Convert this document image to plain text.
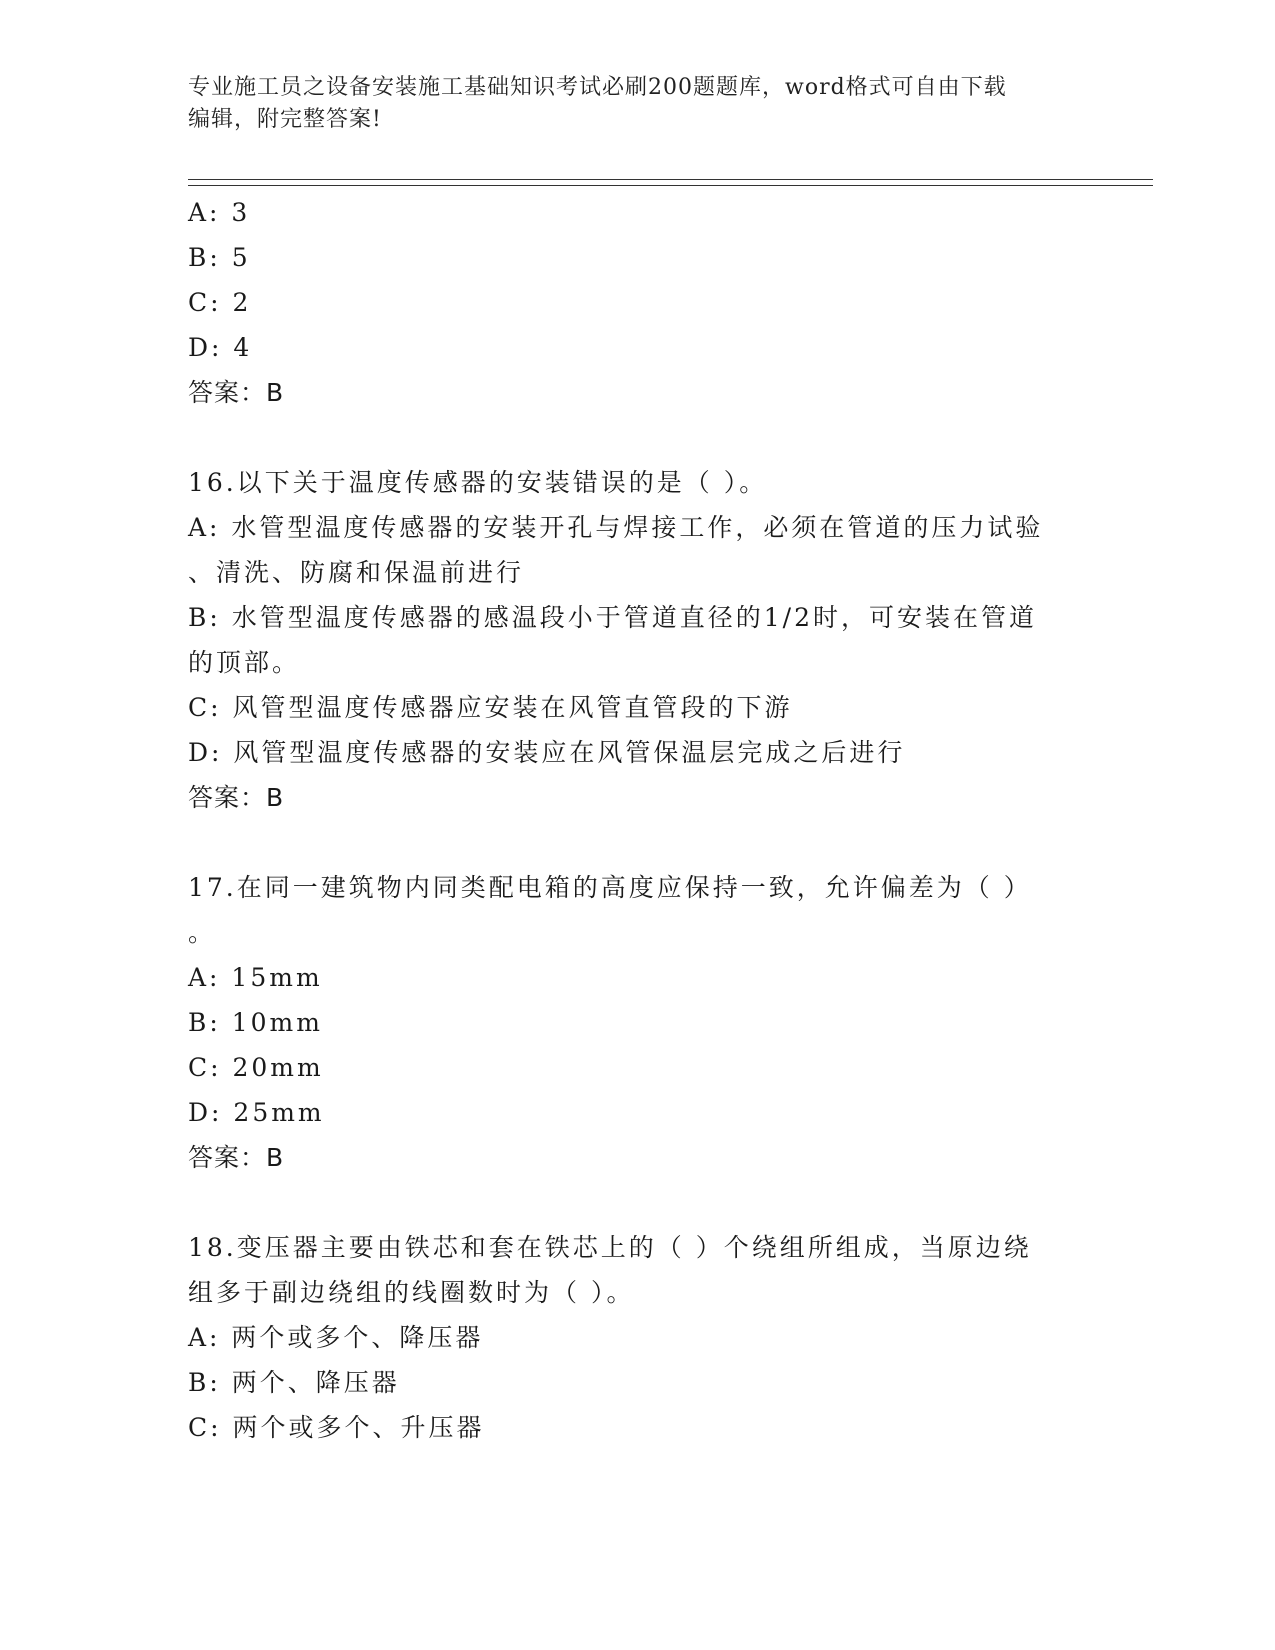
专业施工员之设备安装施工基础知识考试必刷200题题库，word格式可自由下载
编辑，附完整答案!
A: 3
B: 5
C: 2
D: 4
答案：B
16.以下关于温度传感器的安装错误的是（ ）。
A: 水管型温度传感器的安装开孔与焊接工作，必须在管道的压力试验
、清洗、防腐和保温前进行
B: 水管型温度传感器的感温段小于管道直径的1/2时，可安装在管道
的顶部。
C: 风管型温度传感器应安装在风管直管段的下游
D: 风管型温度传感器的安装应在风管保温层完成之后进行
答案：B
17.在同一建筑物内同类配电箱的高度应保持一致，允许偏差为（ ）
。
A: 15mm
B: 10mm
C: 20mm
D: 25mm
答案：B
18.变压器主要由铁芯和套在铁芯上的（ ）个绕组所组成，当原边绕
组多于副边绕组的线圈数时为（ ）。
A: 两个或多个、降压器
B: 两个、降压器
C: 两个或多个、升压器
